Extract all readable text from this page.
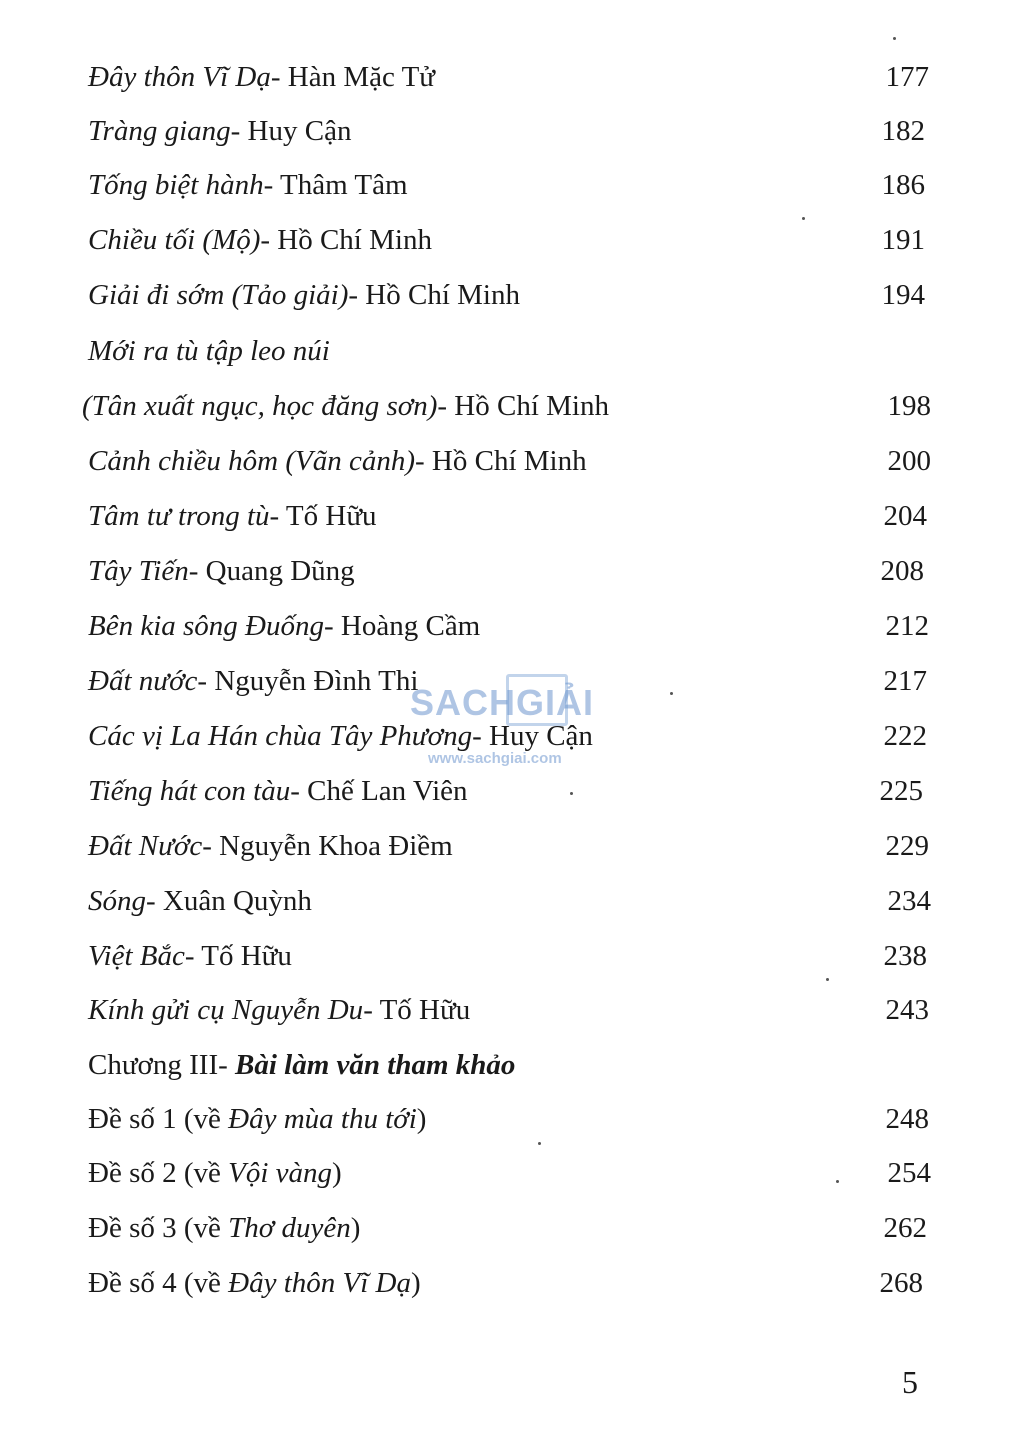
Đây thôn Vĩ Dạ- Hàn Mặc Tử	177
Tràng giang- Huy Cận	182
Tống biệt hành- Thâm Tâm	186
Chiều tối (Mộ)- Hồ Chí Minh	191
Giải đi sớm (Tảo giải)- Hồ Chí Minh	194
Mới ra tù tập leo núi
(Tân xuất ngục, học đăng sơn)- Hồ Chí Minh	198
Cảnh chiều hôm (Vãn cảnh)- Hồ Chí Minh	200
Tâm tư trong tù- Tố Hữu	204
Tây Tiến- Quang Dũng	208
Bên kia sông Đuống- Hoàng Cầm	212
Đất nước- Nguyễn Đình Thi	217
Các vị La Hán chùa Tây Phương- Huy Cận	222
Tiếng hát con tàu- Chế Lan Viên	225
Đất Nước- Nguyễn Khoa Điềm	229
Sóng- Xuân Quỳnh	234
Việt Bắc- Tố Hữu	238
Kính gửi cụ Nguyễn Du- Tố Hữu	243
Chương III- Bài làm văn tham khảo
Đề số 1 (về Đây mùa thu tới)	248
Đề số 2 (về Vội vàng)	254
Đề số 3 (về Thơ duyên)	262
Đề số 4 (về Đây thôn Vĩ Dạ)	268
SACHGIẢI
www.sachgiai.com
5
